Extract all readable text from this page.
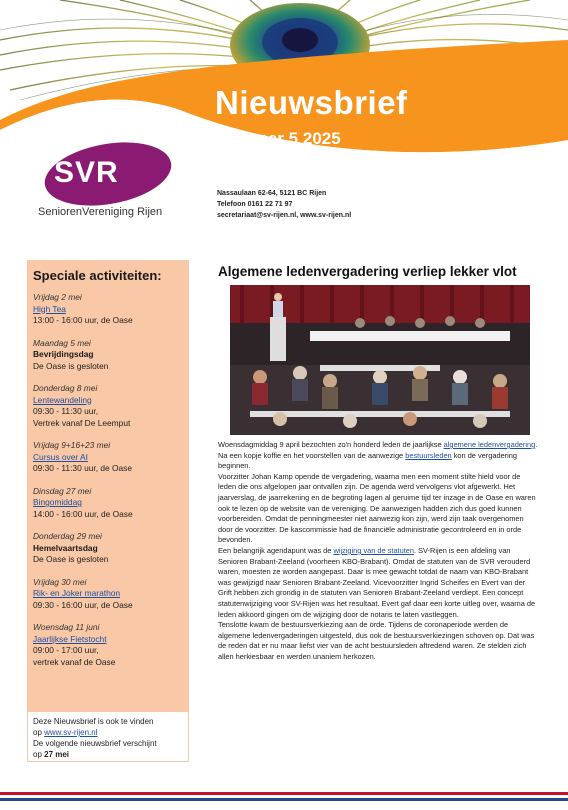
Nieuwsbrief
Nummer 5 2025
SVR
SeniorenVereniging Rijen
Nassaulaan 62-64, 5121 BC Rijen
Telefoon 0161 22 71 97
secretariaat@sv-rijen.nl, www.sv-rijen.nl
Speciale activiteiten:
Vrijdag 2 mei
High Tea
13:00 - 16:00 uur, de Oase
Maandag 5 mei
Bevrijdingsdag
De Oase is gesloten
Donderdag 8 mei
Lentewandeling
09:30 - 11:30 uur,
Vertrek vanaf De Leemput
Vrijdag 9+16+23 mei
Cursus over AI
09:30 - 11:30 uur, de Oase
Dinsdag 27 mei
Bingomiddag
14:00 - 16:00 uur, de Oase
Donderdag 29 mei
Hemelvaartsdag
De Oase is gesloten
Vrijdag 30 mei
Rik- en Joker marathon
09:30 - 16:00 uur, de Oase
Woensdag 11 juni
Jaarlijkse Fietstocht
09:00 - 17:00 uur,
vertrek vanaf de Oase
Deze Nieuwsbrief is ook te vinden
op www.sv-rijen.nl
De volgende nieuwsbrief verschijnt
op 27 mei
Algemene ledenvergadering verliep lekker vlot

Woensdagmiddag 9 april bezochten zo'n honderd leden de jaarlijkse algemene ledenvergadering. Na een kopje koffie en het voorstellen van de aanwezige bestuursleden kon de vergadering beginnen.

Voorzitter Johan Kamp opende de vergadering, waarna men een moment stilte hield voor de leden die ons afgelopen jaar ontvallen zijn. De agenda werd vervolgens vlot afgewerkt. Het jaarverslag, de jaarrekening en de begroting lagen al geruime tijd ter inzage in de Oase en waren ook te lezen op de website van de vereniging. De aanwezigen hadden zich dus goed kunnen voorbereiden. Omdat de penningmeester niet aanwezig kon zijn, werd zijn taak overgenomen door de voorzitter. De kascommissie had de financiële administratie gecontroleerd en in orde bevonden.

Een belangrijk agendapunt was de wijziging van de statuten. SV-Rijen is een afdeling van Senioren Brabant-Zeeland (voorheen KBO-Brabant). Omdat de statuten van de SVR verouderd waren, moesten ze worden aangepast. Daar is mee gewacht totdat de naam van KBO-Brabant was gewijzigd naar Senioren Brabant-Zeeland. Vicevoorzitter Ingrid Scheifes en Evert van der Grift hebben zich grondig in de statuten van Senioren Brabant-Zeeland verdiept. Een concept statutenwijziging voor SV-Rijen was het resultaat. Evert gaf daar een korte uitleg over, waarna de leden akkoord gingen om de wijziging door de notaris te laten vastleggen.

Tenslotte kwam de bestuursverkiezing aan de orde. Tijdens de coronaperiode werden de algemene ledenvergaderingen uitgesteld, dus ook de bestuursverkiezingen schoven op. Dat was de reden dat er nu maar liefst vier van de acht bestuursleden aftredend waren. Ze stelden zich allen herkiesbaar en werden unaniem herkozen.
